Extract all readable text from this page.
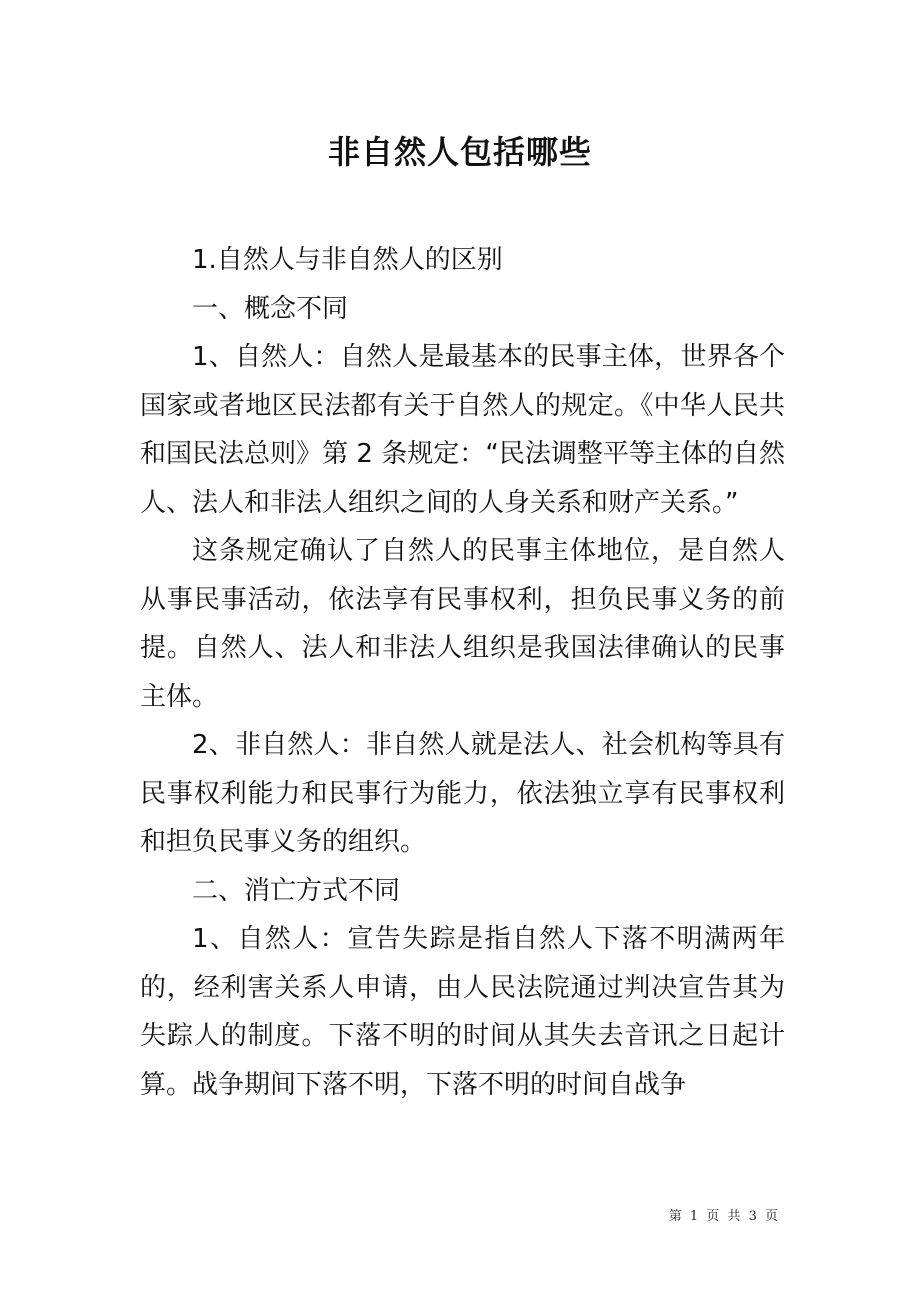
非自然人包括哪些

1.自然人与非自然人的区别

一、概念不同

1、自然人：自然人是最基本的民事主体，世界各个国家或者地区民法都有关于自然人的规定。《中华人民共和国民法总则》第 2 条规定：“民法调整平等主体的自然人、法人和非法人组织之间的人身关系和财产关系。”

这条规定确认了自然人的民事主体地位，是自然人从事民事活动，依法享有民事权利，担负民事义务的前提。自然人、法人和非法人组织是我国法律确认的民事主体。

2、非自然人：非自然人就是法人、社会机构等具有民事权利能力和民事行为能力，依法独立享有民事权利和担负民事义务的组织。

二、消亡方式不同

1、自然人：宣告失踪是指自然人下落不明满两年的，经利害关系人申请，由人民法院通过判决宣告其为失踪人的制度。下落不明的时间从其失去音讯之日起计算。战争期间下落不明，下落不明的时间自战争

第 1 页 共 3 页
